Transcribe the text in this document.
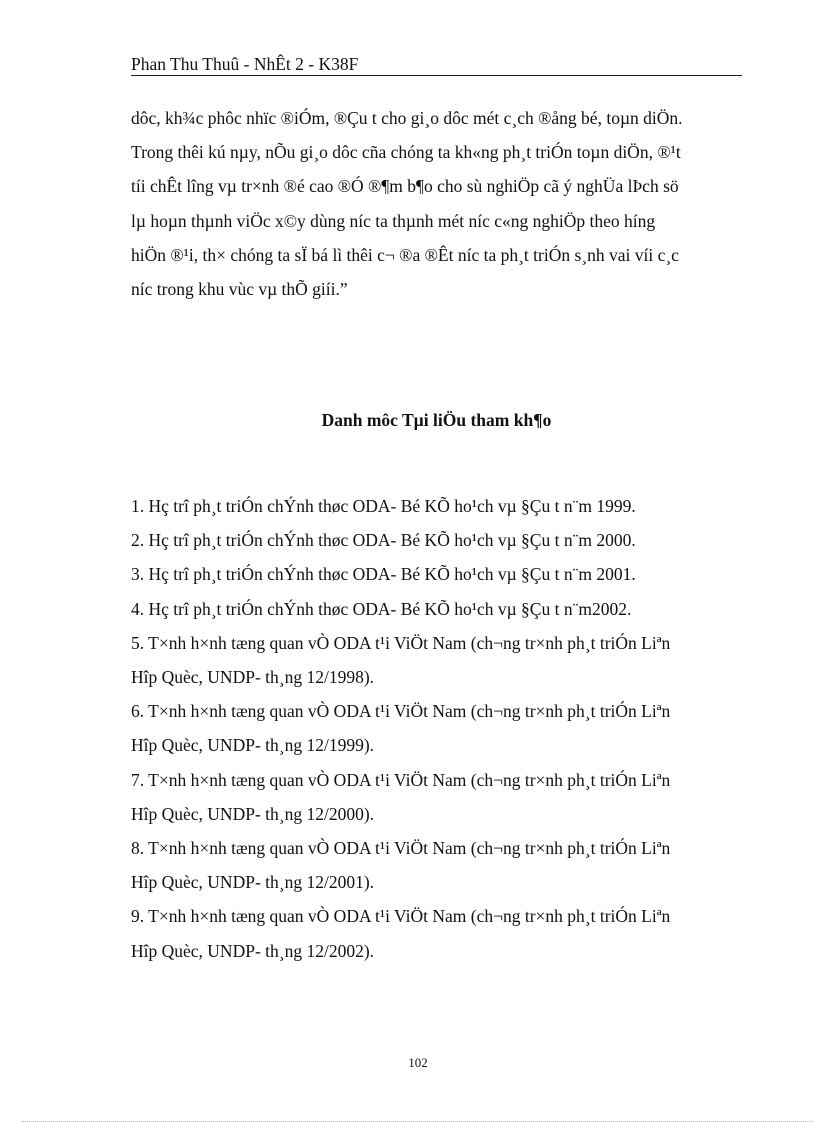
Phan Thu Thuû - NhÊt 2 - K38F
dôc, kh¾c phôc nhïc ®iÓm, ®Çu t cho gi¸o dôc mét c¸ch ®ång bé, toµn diÖn.
Trong thêi kú nµy, nÕu gi¸o dôc cña chóng ta kh«ng ph¸t triÓn toµn diÖn, ®¹t
tíi chÊt lîng vµ tr×nh ®é cao ®Ó ®¶m b¶o cho sù nghiÖp cã ý nghÜa lÞch sö
lµ hoµn thµnh viÖc x©y dùng níc ta thµnh mét níc c«ng nghiÖp theo híng
hiÖn ®¹i, th× chóng ta sÏ bá lì thêi c¬ ®a ®Êt níc ta ph¸t triÓn s¸nh vai víi c¸c
níc trong khu vùc vµ thÕ giíi.”
Danh môc Tµi liÖu tham kh¶o
1. Hç trî ph¸t triÓn chÝnh thøc ODA- Bé KÕ ho¹ch vµ §Çu t n¨m 1999.
2. Hç trî ph¸t triÓn chÝnh thøc ODA- Bé KÕ ho¹ch vµ §Çu t n¨m 2000.
3. Hç trî ph¸t triÓn chÝnh thøc ODA- Bé KÕ ho¹ch vµ §Çu t n¨m 2001.
4. Hç trî ph¸t triÓn chÝnh thøc ODA- Bé KÕ ho¹ch vµ §Çu t n¨m2002.
5. T×nh h×nh tæng quan vÒ ODA t¹i ViÖt Nam (ch¬ng tr×nh ph¸t triÓn Liªn
Hîp Quèc, UNDP- th¸ng 12/1998).
6. T×nh h×nh tæng quan vÒ ODA t¹i ViÖt Nam (ch¬ng tr×nh ph¸t triÓn Liªn
Hîp Quèc, UNDP- th¸ng 12/1999).
7. T×nh h×nh tæng quan vÒ ODA t¹i ViÖt Nam (ch¬ng tr×nh ph¸t triÓn Liªn
Hîp Quèc, UNDP- th¸ng 12/2000).
8. T×nh h×nh tæng quan vÒ ODA t¹i ViÖt Nam (ch¬ng tr×nh ph¸t triÓn Liªn
Hîp Quèc, UNDP- th¸ng 12/2001).
9. T×nh h×nh tæng quan vÒ ODA t¹i ViÖt Nam (ch¬ng tr×nh ph¸t triÓn Liªn
Hîp Quèc, UNDP- th¸ng 12/2002).
102
